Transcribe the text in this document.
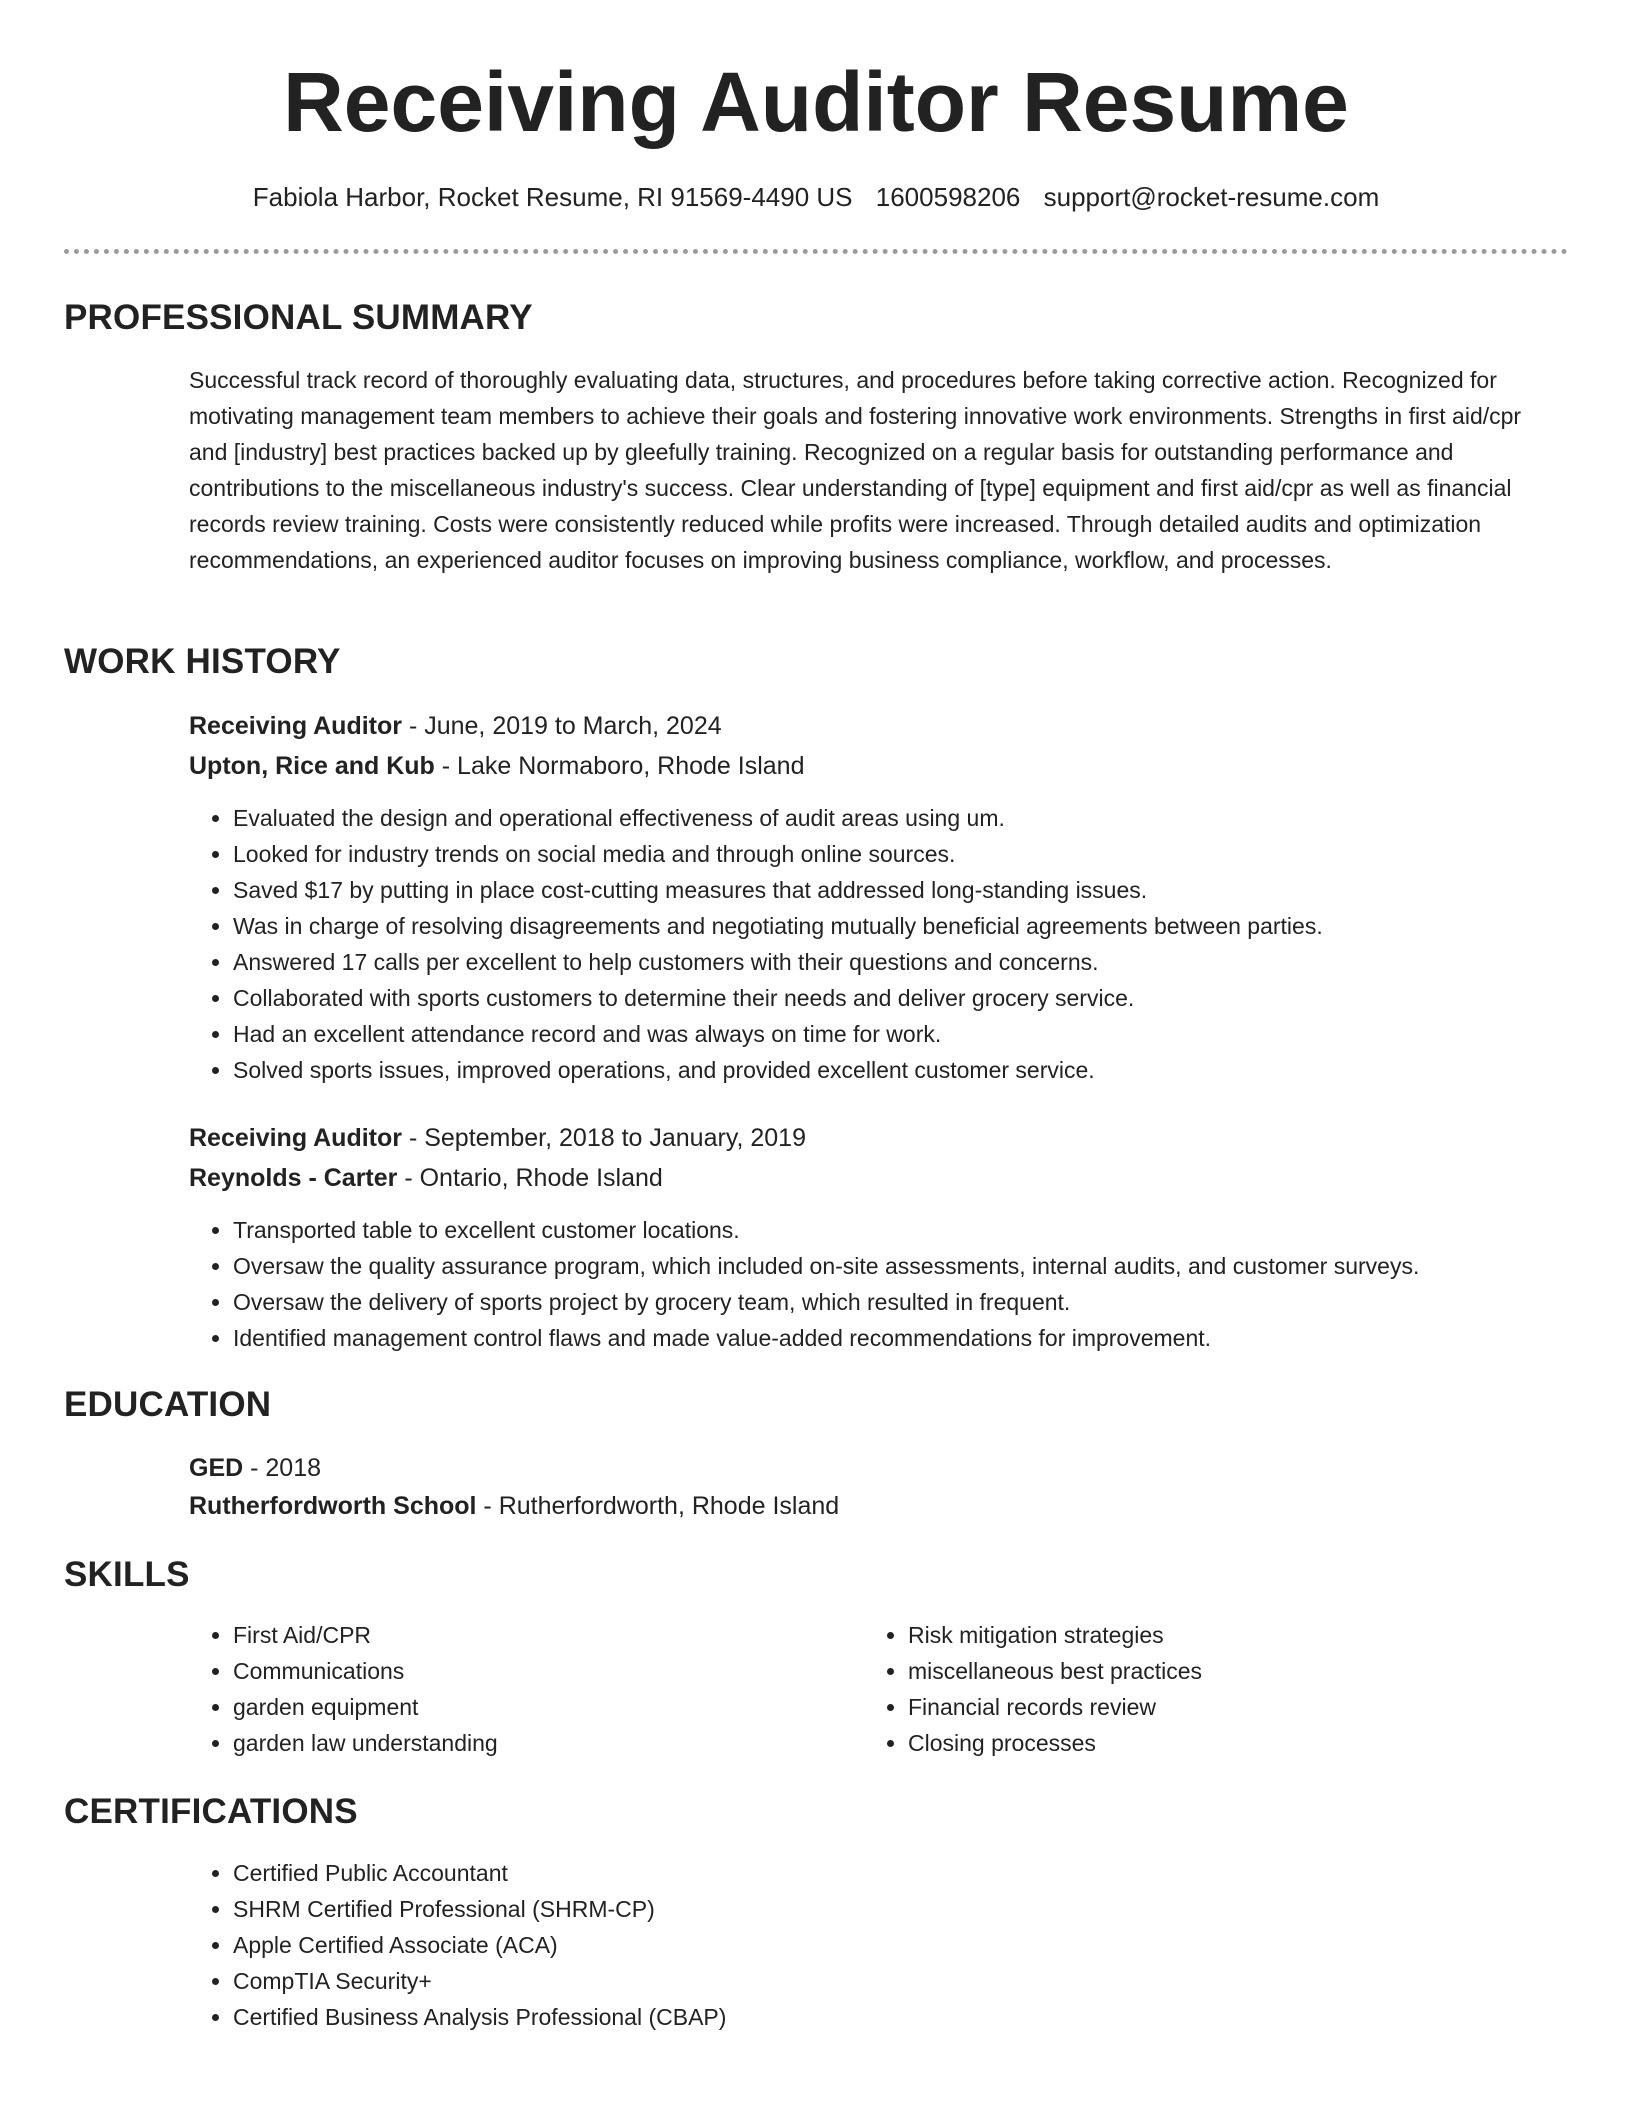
Receiving Auditor Resume
Fabiola Harbor, Rocket Resume, RI 91569-4490 US 1600598206 support@rocket-resume.com
PROFESSIONAL SUMMARY

Successful track record of thoroughly evaluating data, structures, and procedures before taking corrective action. Recognized for motivating management team members to achieve their goals and fostering innovative work environments. Strengths in first aid/cpr and [industry] best practices backed up by gleefully training. Recognized on a regular basis for outstanding performance and contributions to the miscellaneous industry's success. Clear understanding of [type] equipment and first aid/cpr as well as financial records review training. Costs were consistently reduced while profits were increased. Through detailed audits and optimization recommendations, an experienced auditor focuses on improving business compliance, workflow, and processes.

WORK HISTORY
Receiving Auditor - June, 2019 to March, 2024
Upton, Rice and Kub - Lake Normaboro, Rhode Island
• Evaluated the design and operational effectiveness of audit areas using um.
• Looked for industry trends on social media and through online sources.
• Saved $17 by putting in place cost-cutting measures that addressed long-standing issues.
• Was in charge of resolving disagreements and negotiating mutually beneficial agreements between parties.
• Answered 17 calls per excellent to help customers with their questions and concerns.
• Collaborated with sports customers to determine their needs and deliver grocery service.
• Had an excellent attendance record and was always on time for work.
• Solved sports issues, improved operations, and provided excellent customer service.
Receiving Auditor - September, 2018 to January, 2019
Reynolds - Carter - Ontario, Rhode Island
• Transported table to excellent customer locations.
• Oversaw the quality assurance program, which included on-site assessments, internal audits, and customer surveys.
• Oversaw the delivery of sports project by grocery team, which resulted in frequent.
• Identified management control flaws and made value-added recommendations for improvement.
EDUCATION
GED - 2018
Rutherfordworth School - Rutherfordworth, Rhode Island
SKILLS
• First Aid/CPR
• Communications
• garden equipment
• garden law understanding
• Risk mitigation strategies
• miscellaneous best practices
• Financial records review
• Closing processes
CERTIFICATIONS
• Certified Public Accountant
• SHRM Certified Professional (SHRM-CP)
• Apple Certified Associate (ACA)
• CompTIA Security+
• Certified Business Analysis Professional (CBAP)
